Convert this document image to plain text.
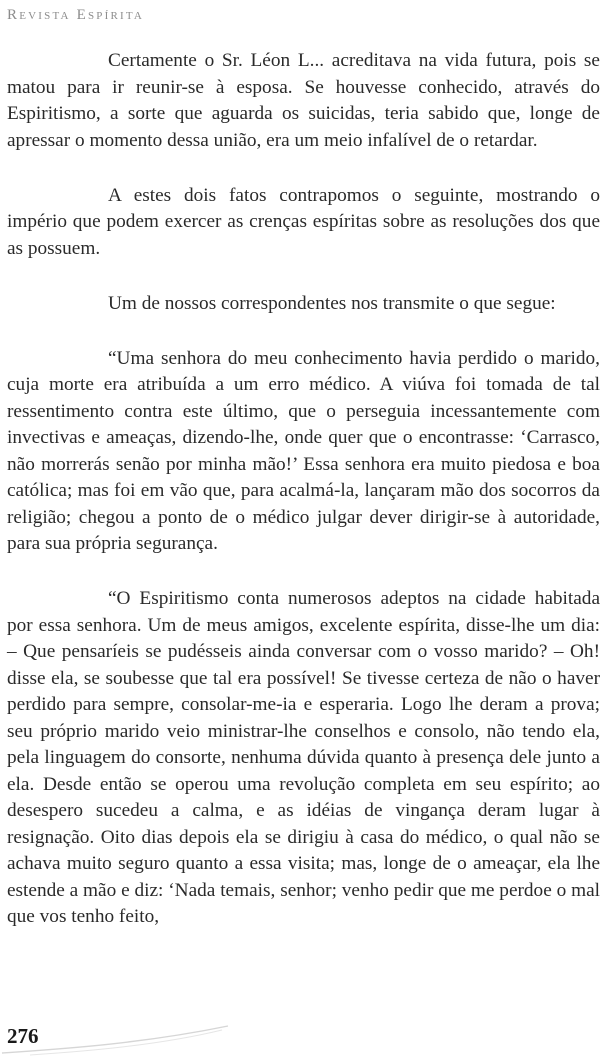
Revista Espírita

Certamente o Sr. Léon L... acreditava na vida futura, pois se matou para ir reunir-se à esposa. Se houvesse conhecido, através do Espiritismo, a sorte que aguarda os suicidas, teria sabido que, longe de apressar o momento dessa união, era um meio infalível de o retardar.

A estes dois fatos contrapomos o seguinte, mostrando o império que podem exercer as crenças espíritas sobre as resoluções dos que as possuem.

Um de nossos correspondentes nos transmite o que segue:

“Uma senhora do meu conhecimento havia perdido o marido, cuja morte era atribuída a um erro médico. A viúva foi tomada de tal ressentimento contra este último, que o perseguia incessantemente com invectivas e ameaças, dizendo-lhe, onde quer que o encontrasse: ‘Carrasco, não morrerás senão por minha mão!’ Essa senhora era muito piedosa e boa católica; mas foi em vão que, para acalmá-la, lançaram mão dos socorros da religião; chegou a ponto de o médico julgar dever dirigir-se à autoridade, para sua própria segurança.

“O Espiritismo conta numerosos adeptos na cidade habitada por essa senhora. Um de meus amigos, excelente espírita, disse-lhe um dia: – Que pensaríeis se pudésseis ainda conversar com o vosso marido? – Oh! disse ela, se soubesse que tal era possível! Se tivesse certeza de não o haver perdido para sempre, consolar-me-ia e esperaria. Logo lhe deram a prova; seu próprio marido veio ministrar-lhe conselhos e consolo, não tendo ela, pela linguagem do consorte, nenhuma dúvida quanto à presença dele junto a ela. Desde então se operou uma revolução completa em seu espírito; ao desespero sucedeu a calma, e as idéias de vingança deram lugar à resignação. Oito dias depois ela se dirigiu à casa do médico, o qual não se achava muito seguro quanto a essa visita; mas, longe de o ameaçar, ela lhe estende a mão e diz: ‘Nada temais, senhor; venho pedir que me perdoe o mal que vos tenho feito,

276
